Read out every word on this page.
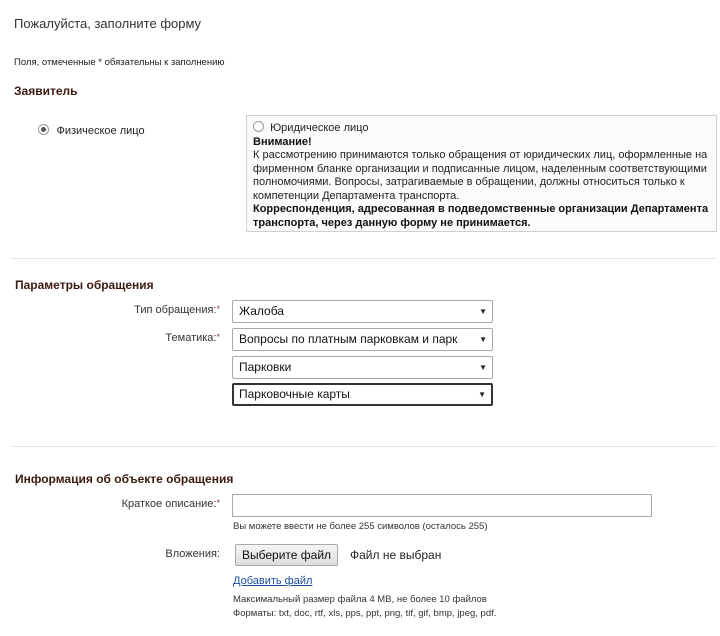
Пожалуйста, заполните форму
Поля, отмеченные * обязательны к заполнению
Заявитель
Физическое лицо	Юридическое лицо
Внимание!
К рассмотрению принимаются только обращения от юридических лиц, оформленные на фирменном бланке организации и подписанные лицом, наделенным соответствующими полномочиями. Вопросы, затрагиваемые в обращении, должны относиться только к компетенции Департамента транспорта.
Корреспонденция, адресованная в подведомственные организации Департамента транспорта, через данную форму не принимается.
Параметры обращения
Тип обращения:*	Жалоба	▼
Тематика:*	Вопросы по платным парковкам и парк	▼
Парковки	▼
Парковочные карты	▼
Информация об объекте обращения
Краткое описание:*
Вы можете ввести не более 255 символов (осталось 255)
Вложения:	Выберите файл	Файл не выбран
Добавить файл
Максимальный размер файла 4 MB, не более 10 файлов
Форматы: txt, doc, rtf, xls, pps, ppt, png, tif, gif, bmp, jpeg, pdf.
